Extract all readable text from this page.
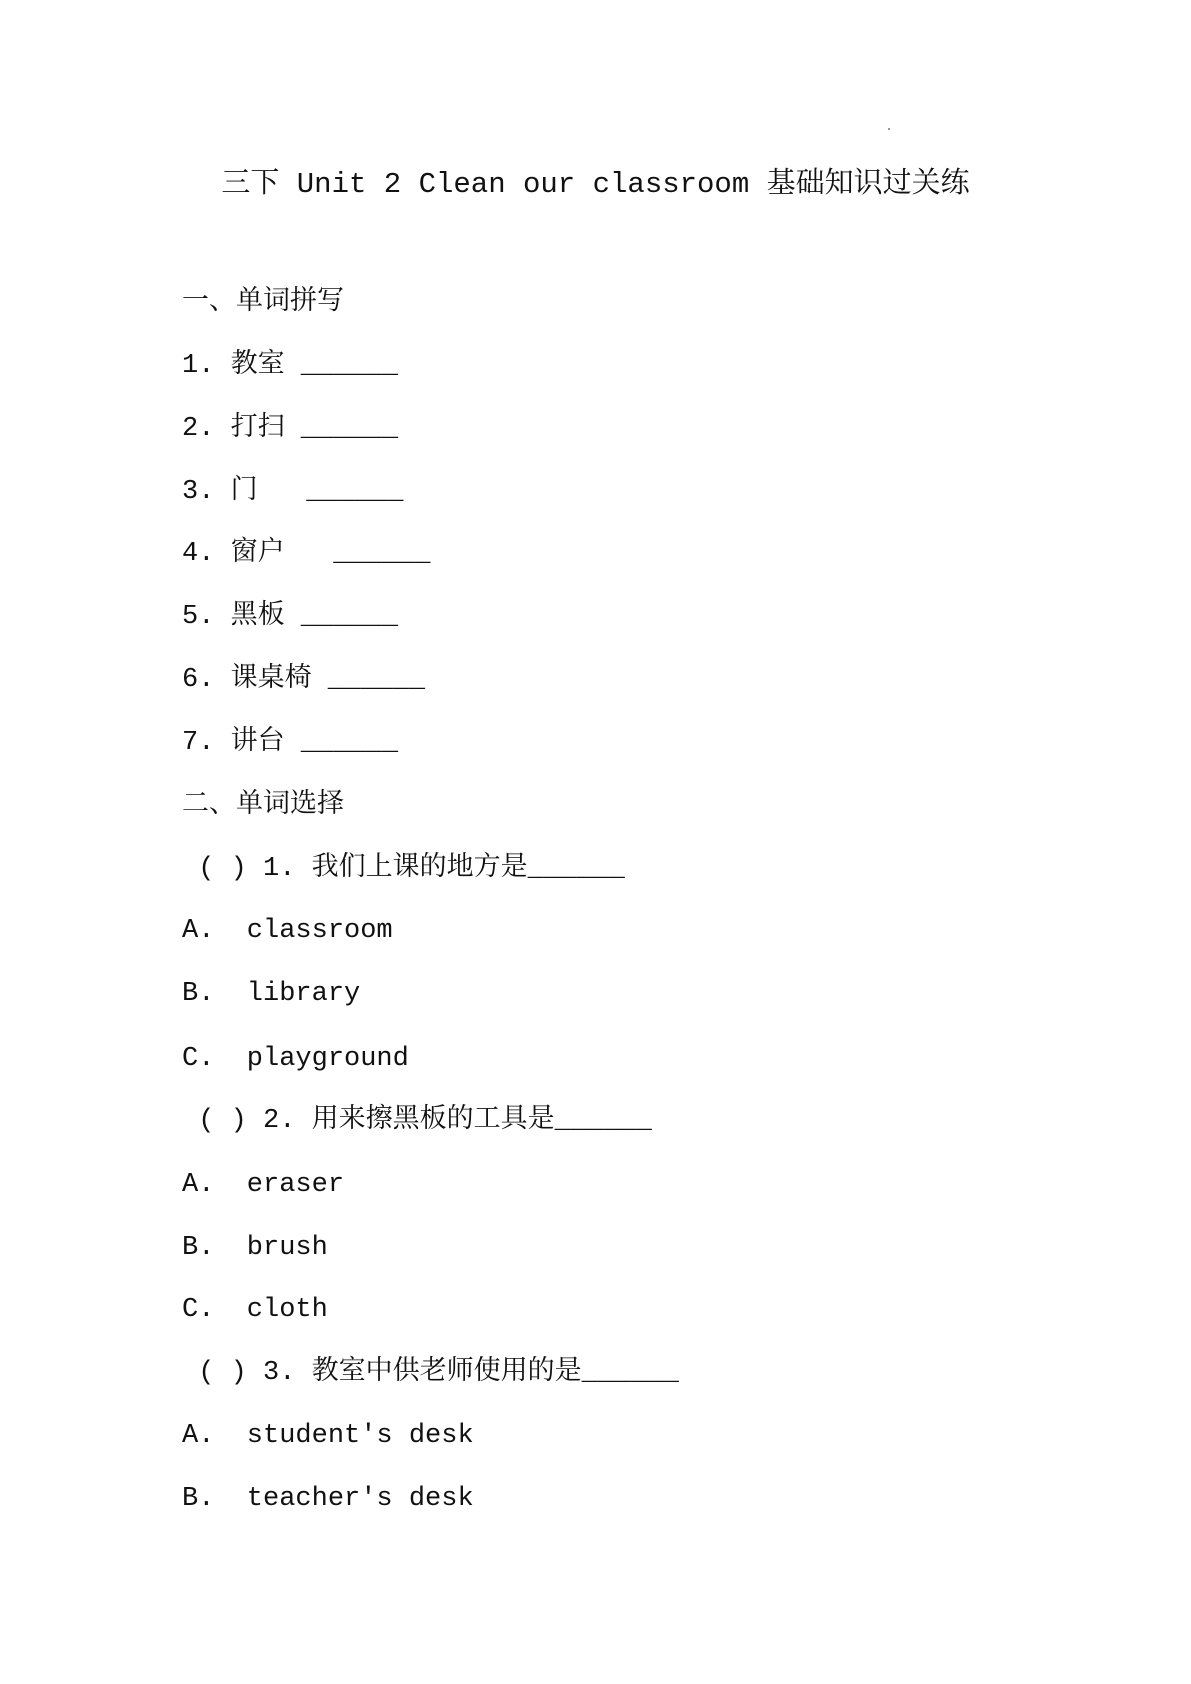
三下 Unit 2 Clean our classroom 基础知识过关练
一、单词拼写
1. 教室 ______
2. 打扫 ______
3. 门   ______
4. 窗户   ______
5. 黑板 ______
6. 课桌椅 ______
7. 讲台 ______
二、单词选择
( ) 1. 我们上课的地方是______
A.  classroom
B.  library
C.  playground
( ) 2. 用来擦黑板的工具是______
A.  eraser
B.  brush
C.  cloth
( ) 3. 教室中供老师使用的是______
A.  student's desk
B.  teacher's desk
